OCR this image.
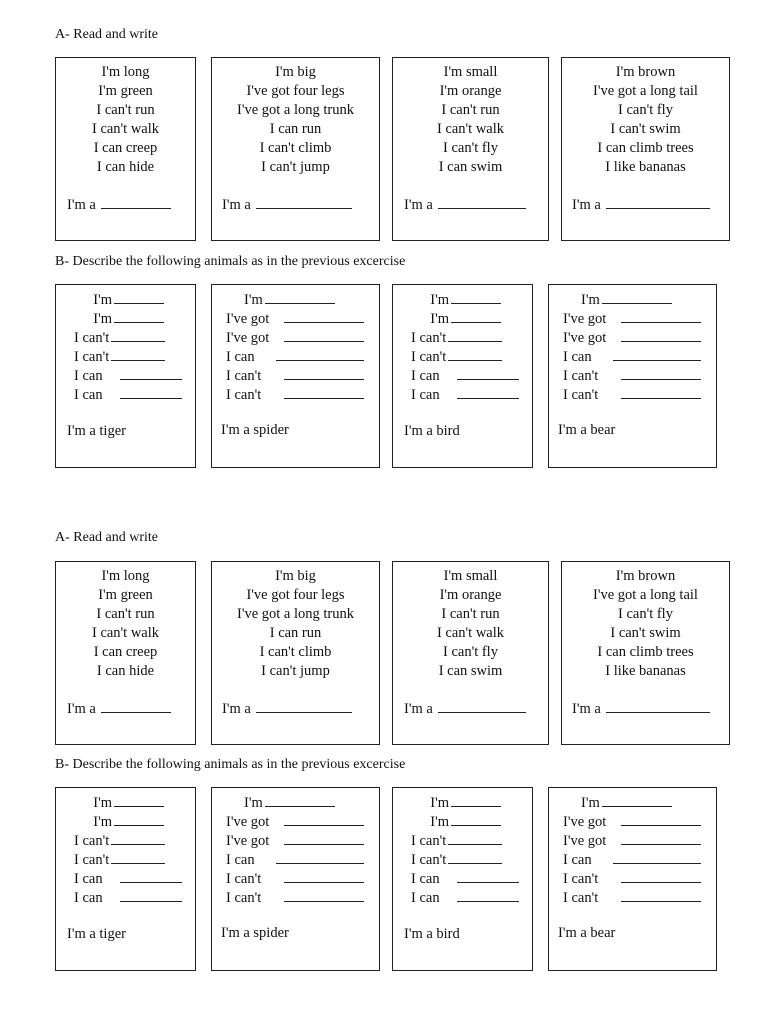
A- Read and write
I'm long
I'm green
I can't run
I can't walk
I can creep
I can hide
I'm a
I'm big
I've got four legs
I've got a long trunk
I can run
I can't climb
I can't jump
I'm a
I'm small
I'm orange
I can't run
I can't walk
I can't fly
I can swim
I'm a
I'm brown
I've got a long tail
I can't fly
I can't swim
I can climb trees
I like bananas
I'm a
B- Describe the following animals as in the previous excercise
I'm
I'm
I can't
I can't
I can
I can
I'm a tiger
I'm
I've got
I've got
I can
I can't
I can't
I'm a spider
I'm
I'm
I can't
I can't
I can
I can
I'm a bird
I'm
I've got
I've got
I can
I can't
I can't
I'm a bear
A- Read and write
I'm long
I'm green
I can't run
I can't walk
I can creep
I can hide
I'm a
I'm big
I've got four legs
I've got a long trunk
I can run
I can't climb
I can't jump
I'm a
I'm small
I'm orange
I can't run
I can't walk
I can't fly
I can swim
I'm a
I'm brown
I've got a long tail
I can't fly
I can't swim
I can climb trees
I like bananas
I'm a
B- Describe the following animals as in the previous excercise
I'm
I'm
I can't
I can't
I can
I can
I'm a tiger
I'm
I've got
I've got
I can
I can't
I can't
I'm a spider
I'm
I'm
I can't
I can't
I can
I can
I'm a bird
I'm
I've got
I've got
I can
I can't
I can't
I'm a bear
